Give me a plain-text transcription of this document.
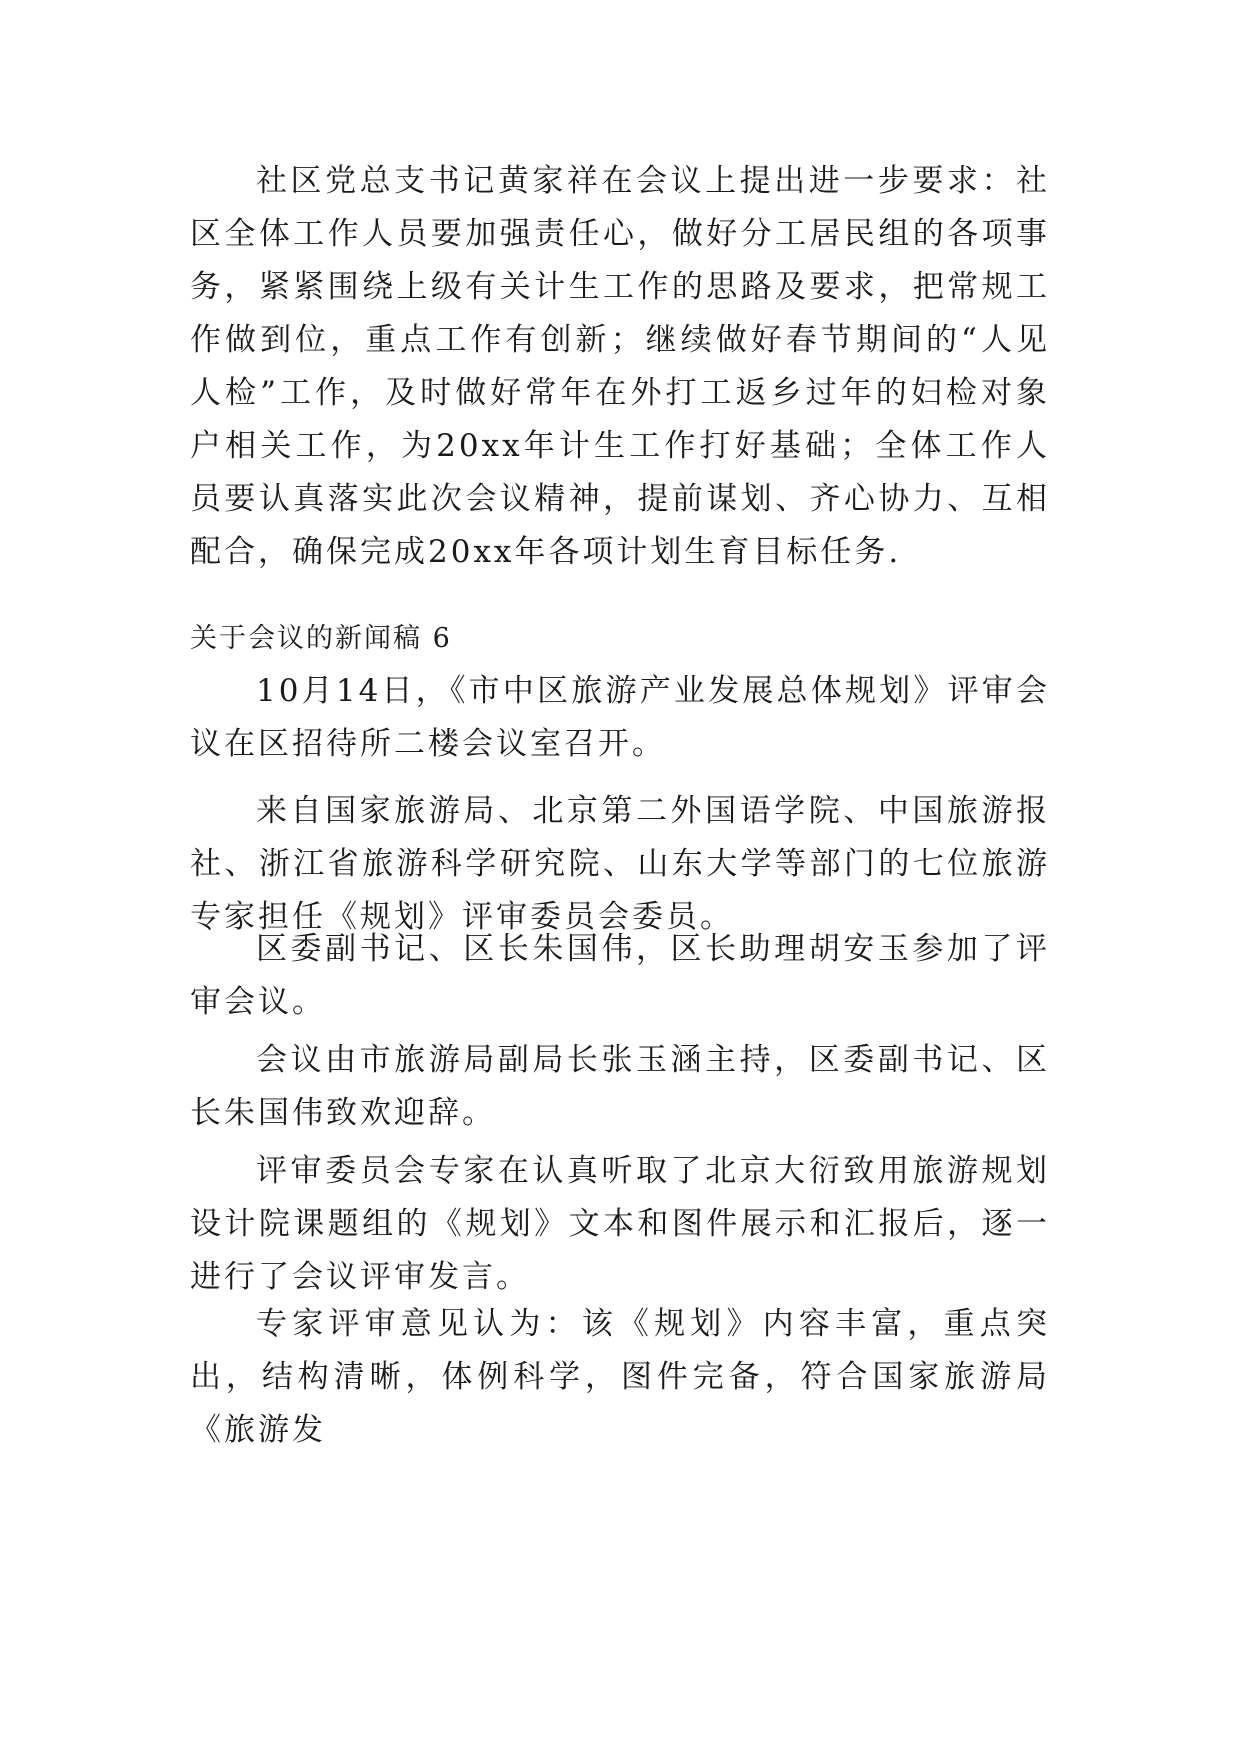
社区党总支书记黄家祥在会议上提出进一步要求：社区全体工作人员要加强责任心，做好分工居民组的各项事务，紧紧围绕上级有关计生工作的思路及要求，把常规工作做到位，重点工作有创新；继续做好春节期间的“人见人检”工作，及时做好常年在外打工返乡过年的妇检对象户相关工作，为20xx年计生工作打好基础；全体工作人员要认真落实此次会议精神，提前谋划、齐心协力、互相配合，确保完成20xx年各项计划生育目标任务.

关于会议的新闻稿 6

10月14日，《市中区旅游产业发展总体规划》评审会议在区招待所二楼会议室召开。

来自国家旅游局、北京第二外国语学院、中国旅游报社、浙江省旅游科学研究院、山东大学等部门的七位旅游专家担任《规划》评审委员会委员。

区委副书记、区长朱国伟，区长助理胡安玉参加了评审会议。

会议由市旅游局副局长张玉涵主持，区委副书记、区长朱国伟致欢迎辞。

评审委员会专家在认真听取了北京大衍致用旅游规划设计院课题组的《规划》文本和图件展示和汇报后，逐一进行了会议评审发言。

专家评审意见认为：该《规划》内容丰富，重点突出，结构清晰，体例科学，图件完备，符合国家旅游局《旅游发
